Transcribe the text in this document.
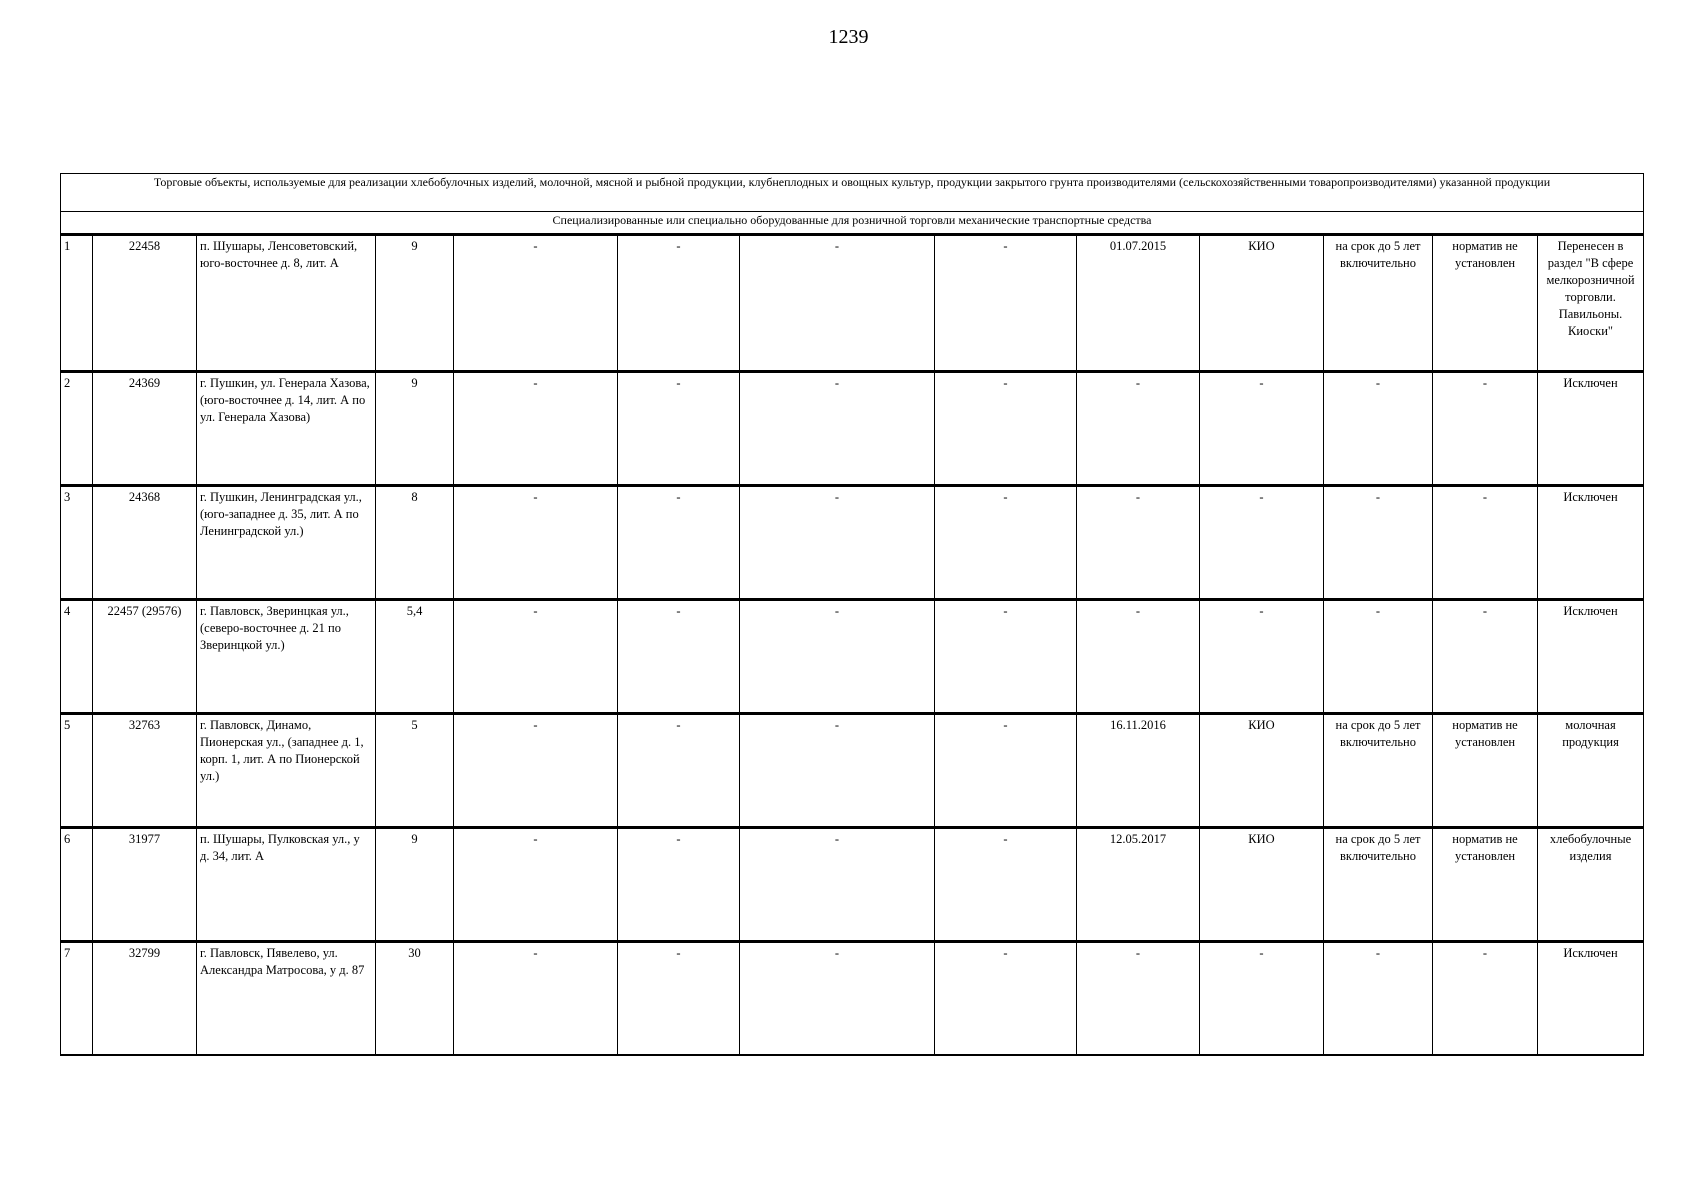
1239
Торговые объекты, используемые для реализации хлебобулочных изделий, молочной, мясной и рыбной продукции, клубнеплодных и овощных культур, продукции закрытого грунта производителями (сельскохозяйственными товаропроизводителями) указанной продукции												
Специализированные или специально оборудованные для розничной торговли механические транспортные средства												
1	22458	п. Шушары, Ленсоветовский, юго-восточнее д. 8, лит. А	9	-	-	-	-	01.07.2015	КИО	на срок до 5 лет включительно	норматив не установлен	Перенесен в раздел "В сфере мелкорозничной торговли. Павильоны. Киоски"
2	24369	г. Пушкин, ул. Генерала Хазова, (юго-восточнее д. 14, лит. А по ул. Генерала Хазова)	9	-	-	-	-	-	-	-	-	Исключен
3	24368	г. Пушкин, Ленинградская ул., (юго-западнее д. 35, лит. А по Ленинградской ул.)	8	-	-	-	-	-	-	-	-	Исключен
4	22457 (29576)	г. Павловск, Зверинцкая ул., (северо-восточнее д. 21 по Зверинцкой ул.)	5,4	-	-	-	-	-	-	-	-	Исключен
5	32763	г. Павловск, Динамо, Пионерская ул., (западнее д. 1, корп. 1, лит. А по Пионерской ул.)	5	-	-	-	-	16.11.2016	КИО	на срок до 5 лет включительно	норматив не установлен	молочная продукция
6	31977	п. Шушары, Пулковская ул., у д. 34, лит. А	9	-	-	-	-	12.05.2017	КИО	на срок до 5 лет включительно	норматив не установлен	хлебобулочные изделия
7	32799	г. Павловск, Пявелево, ул. Александра Матросова, у д. 87	30	-	-	-	-	-	-	-	-	Исключен
